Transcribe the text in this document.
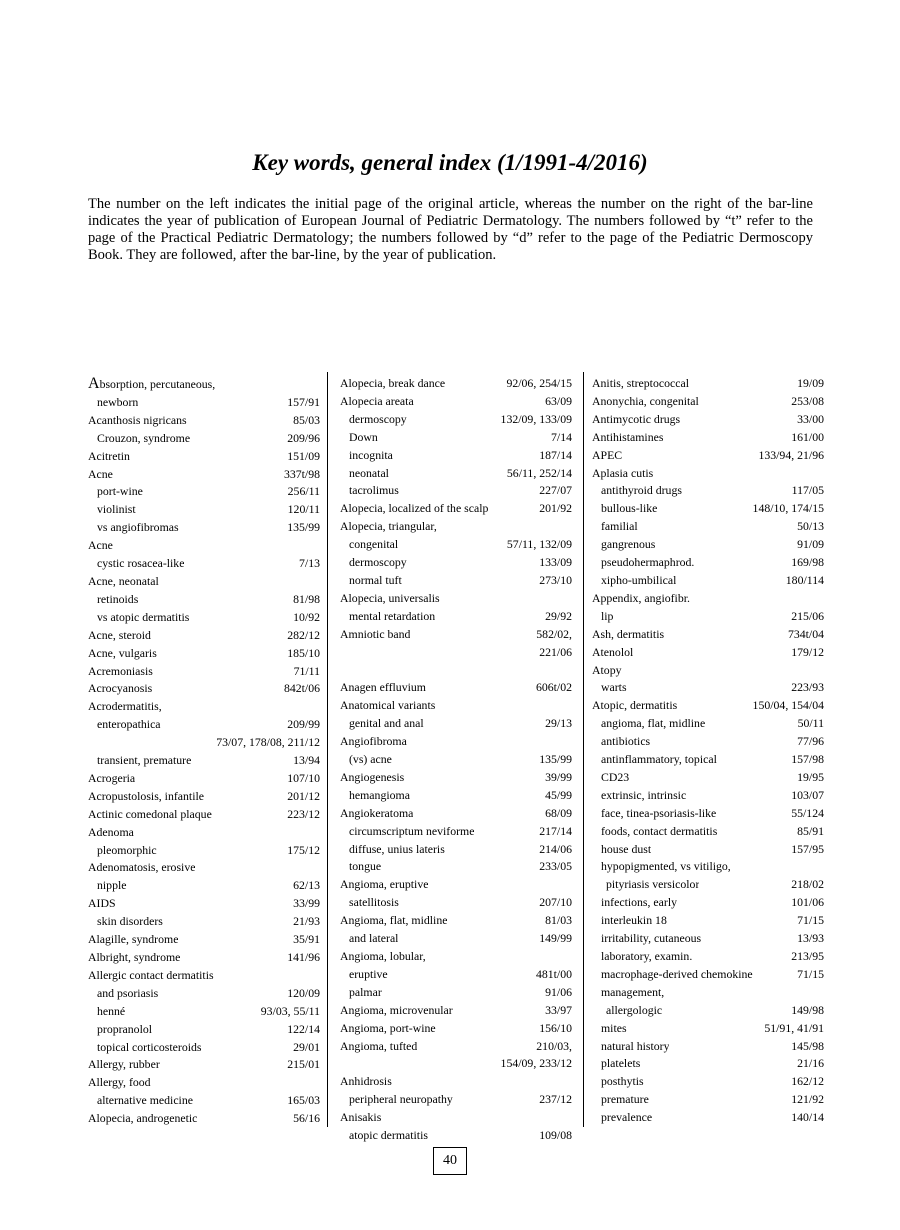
Key words, general index (1/1991-4/2016)

The number on the left indicates the initial page of the original article, whereas the number on the right of the bar-line indicates the year of publication of European Journal of Pediatric Dermatology. The numbers followed by “t” refer to the page of the Practical Pediatric Dermatology; the numbers followed by “d” refer to the page of the Pediatric Dermoscopy Book. They are followed, after the bar-line, by the year of publication.

Absorption, percutaneous,
newborn	157/91
Acanthosis nigricans	85/03
Crouzon, syndrome	209/96
Acitretin	151/09
Acne	337t/98
port-wine	256/11
violinist	120/11
vs angiofibromas	135/99
Acne
cystic rosacea-like	7/13
Acne, neonatal
retinoids	81/98
vs atopic dermatitis	10/92
Acne, steroid	282/12
Acne, vulgaris	185/10
Acremoniasis	71/11
Acrocyanosis	842t/06
Acrodermatitis,
enteropathica	209/99
73/07, 178/08, 211/12
transient, premature	13/94
Acrogeria	107/10
Acropustolosis, infantile	201/12
Actinic comedonal plaque	223/12
Adenoma
pleomorphic	175/12
Adenomatosis, erosive
nipple	62/13
AIDS	33/99
skin disorders	21/93
Alagille, syndrome	35/91
Albright, syndrome	141/96
Allergic contact dermatitis
and psoriasis	120/09
henné	93/03, 55/11
propranolol	122/14
topical corticosteroids	29/01
Allergy, rubber	215/01
Allergy, food
alternative medicine	165/03
Alopecia, androgenetic	56/16
Alopecia, break dance	92/06, 254/15
Alopecia areata	63/09
dermoscopy	132/09, 133/09
Down	7/14
incognita	187/14
neonatal	56/11, 252/14
tacrolimus	227/07
Alopecia, localized of the scalp	201/92
Alopecia, triangular,
congenital	57/11, 132/09
dermoscopy	133/09
normal tuft	273/10
Alopecia, universalis
mental retardation	29/92
Amniotic band	582/02,
221/06
Anagen effluvium	606t/02
Anatomical variants
genital and anal	29/13
Angiofibroma
(vs) acne	135/99
Angiogenesis	39/99
hemangioma	45/99
Angiokeratoma	68/09
circumscriptum neviforme	217/14
diffuse, unius lateris	214/06
tongue	233/05
Angioma, eruptive
satellitosis	207/10
Angioma, flat, midline	81/03
and lateral	149/99
Angioma, lobular,
eruptive	481t/00
palmar	91/06
Angioma, microvenular	33/97
Angioma, port-wine	156/10
Angioma, tufted	210/03,
154/09, 233/12
Anhidrosis
peripheral neuropathy	237/12
Anisakis
atopic dermatitis	109/08
Anitis, streptococcal	19/09
Anonychia, congenital	253/08
Antimycotic drugs	33/00
Antihistamines	161/00
APEC	133/94, 21/96
Aplasia cutis
antithyroid drugs	117/05
bullous-like	148/10, 174/15
familial	50/13
gangrenous	91/09
pseudohermaphrod.	169/98
xipho-umbilical	180/114
Appendix, angiofibr.
lip	215/06
Ash, dermatitis	734t/04
Atenolol	179/12
Atopy
warts	223/93
Atopic, dermatitis	150/04, 154/04
angioma, flat, midline	50/11
antibiotics	77/96
antinflammatory, topical	157/98
CD23	19/95
extrinsic, intrinsic	103/07
face, tinea-psoriasis-like	55/124
foods, contact dermatitis	85/91
house dust	157/95
hypopigmented, vs vitiligo,
pityriasis versicolor	218/02
infections, early	101/06
interleukin 18	71/15
irritability, cutaneous	13/93
laboratory, examin.	213/95
macrophage-derived chemokine	71/15
management,
allergologic	149/98
mites	51/91, 41/91
natural history	145/98
platelets	21/16
posthytis	162/12
premature	121/92
prevalence	140/14
40
